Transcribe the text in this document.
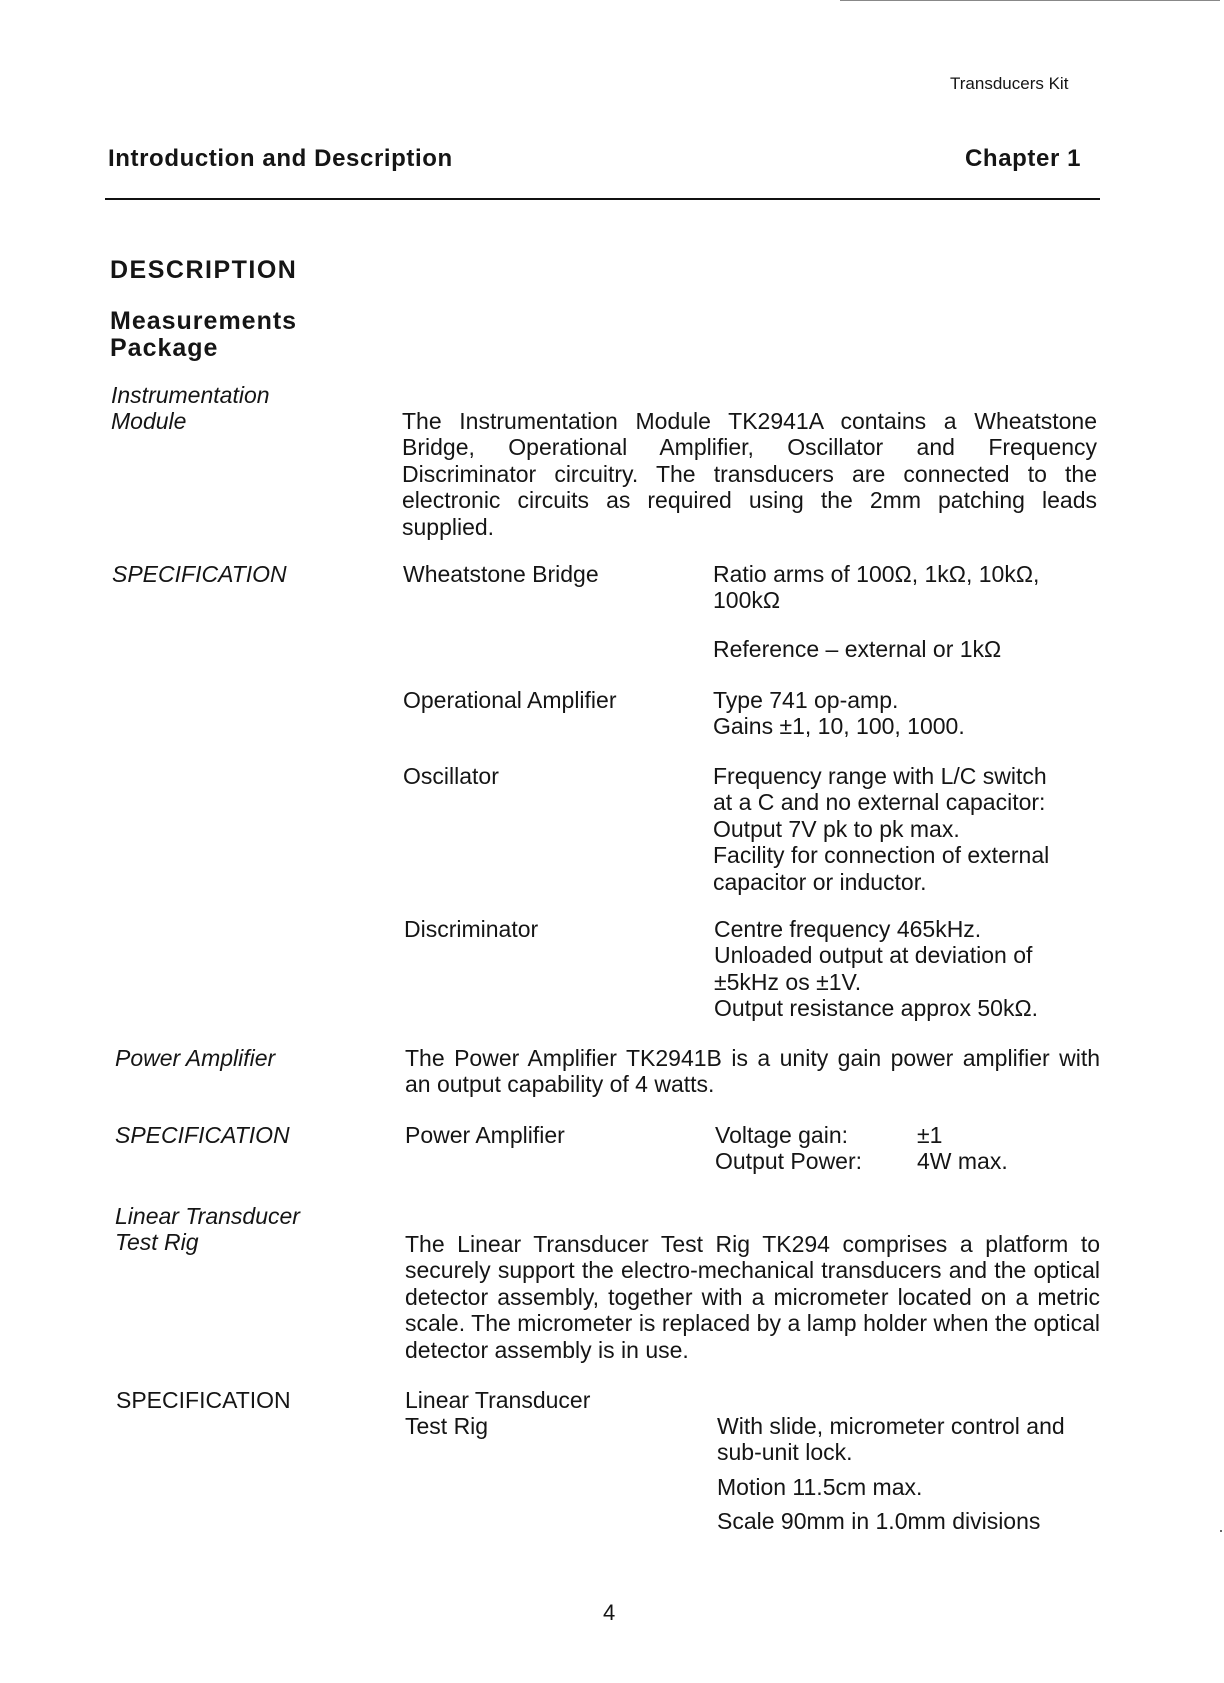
Transducers Kit
Introduction and Description	Chapter 1
DESCRIPTION
Measurements
Package
Instrumentation
Module	The Instrumentation Module TK2941A contains a Wheatstone Bridge, Operational Amplifier, Oscillator and Frequency Discriminator circuitry. The transducers are connected to the electronic circuits as required using the 2mm patching leads supplied.
SPECIFICATION	Wheatstone Bridge	Ratio arms of 100Ω, 1kΩ, 10kΩ,
100kΩ
Reference – external or 1kΩ
Operational Amplifier	Type 741 op-amp.
Gains ±1, 10, 100, 1000.
Oscillator	Frequency range with L/C switch
at a C and no external capacitor:
Output 7V pk to pk max.
Facility for connection of external
capacitor or inductor.
Discriminator	Centre frequency 465kHz.
Unloaded output at deviation of
±5kHz os ±1V.
Output resistance approx 50kΩ.
Power Amplifier	The Power Amplifier TK2941B is a unity gain power amplifier with an output capability of 4 watts.
SPECIFICATION	Power Amplifier	Voltage gain:	±1
Output Power: 4W max.
Linear Transducer
Test Rig	The Linear Transducer Test Rig TK294 comprises a platform to securely support the electro-mechanical transducers and the optical detector assembly, together with a micrometer located on a metric scale. The micrometer is replaced by a lamp holder when the optical detector assembly is in use.
SPECIFICATION	Linear Transducer
Test Rig	With slide, micrometer control and
sub-unit lock.
Motion 11.5cm max.
Scale 90mm in 1.0mm divisions
4
